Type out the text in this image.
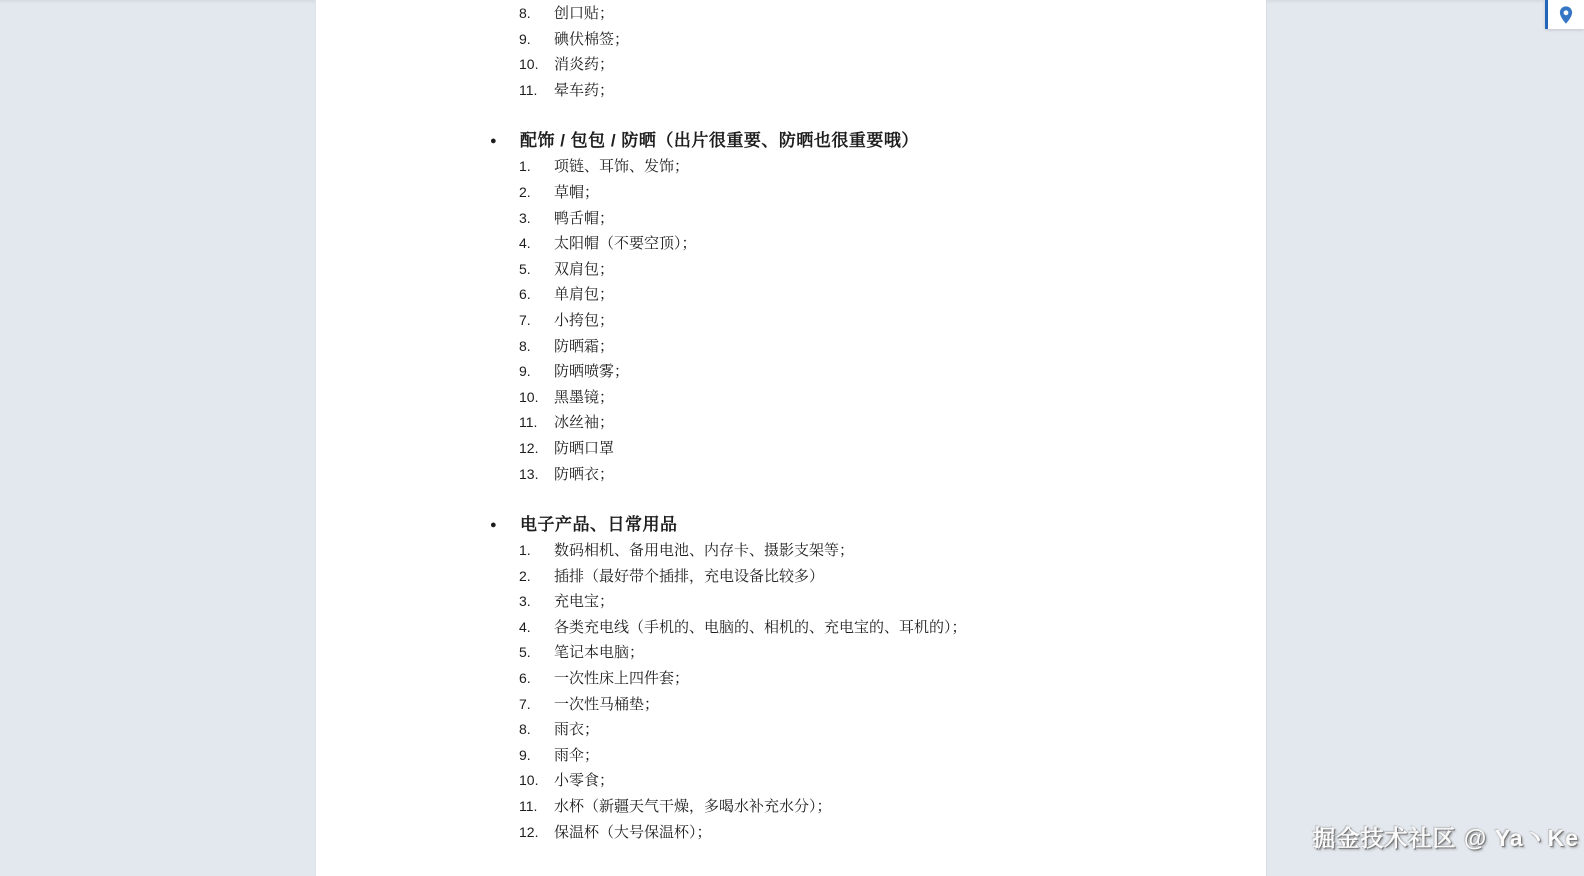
8. 创口贴；
9. 碘伏棉签；
10. 消炎药；
11. 晕车药；
● 配饰 / 包包 / 防晒（出片很重要、防晒也很重要哦）
1. 项链、耳饰、发饰；
2. 草帽；
3. 鸭舌帽；
4. 太阳帽（不要空顶）；
5. 双肩包；
6. 单肩包；
7. 小挎包；
8. 防晒霜；
9. 防晒喷雾；
10. 黑墨镜；
11. 冰丝袖；
12. 防晒口罩
13. 防晒衣；
● 电子产品、日常用品
1. 数码相机、备用电池、内存卡、摄影支架等；
2. 插排（最好带个插排，充电设备比较多）
3. 充电宝；
4. 各类充电线（手机的、电脑的、相机的、充电宝的、耳机的）；
5. 笔记本电脑；
6. 一次性床上四件套；
7. 一次性马桶垫；
8. 雨衣；
9. 雨伞；
10. 小零食；
11. 水杯（新疆天气干燥，多喝水补充水分）；
12. 保温杯（大号保温杯）；	掘金技术社区 @ Ya丶Ke
